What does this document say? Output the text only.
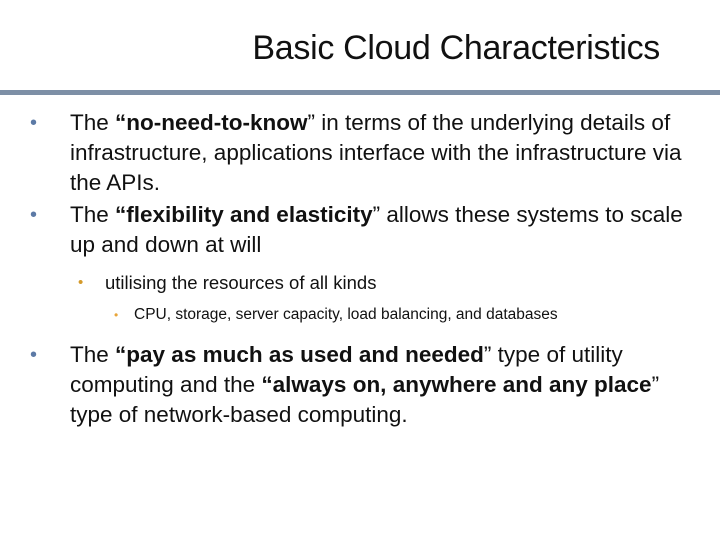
Basic Cloud Characteristics
• The “no-need-to-know” in terms of the underlying details of infrastructure, applications interface with the infrastructure via the APIs.
• The “flexibility and elasticity” allows these systems to scale up and down at will
• utilising the resources of all kinds
• CPU, storage, server capacity, load balancing, and databases
• The “pay as much as used and needed” type of utility computing and the “always on, anywhere and any place” type of network-based computing.
